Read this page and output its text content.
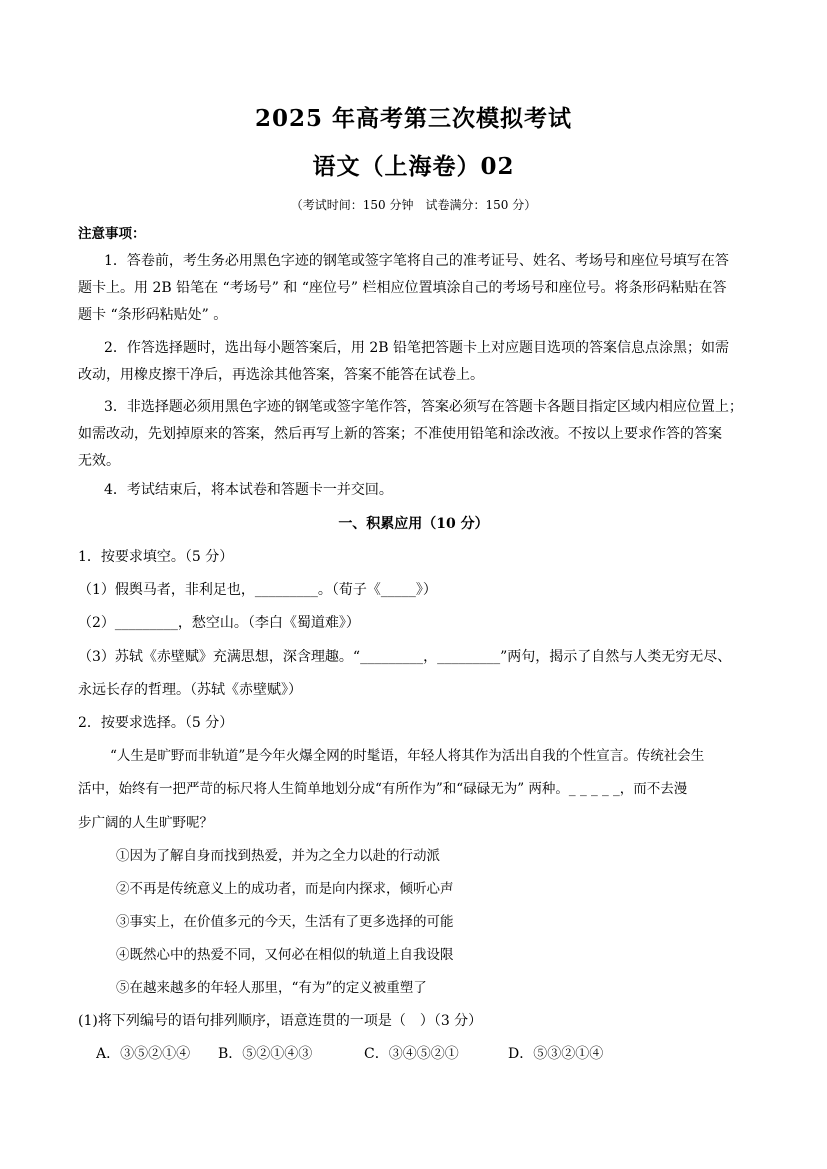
2025 年高考第三次模拟考试
语文（上海卷）02
（考试时间：150 分钟　试卷满分：150 分）
注意事项：
1．答卷前，考生务必用黑色字迹的钢笔或签字笔将自己的准考证号、姓名、考场号和座位号填写在答
题卡上。用 2B 铅笔在 “考场号” 和 “座位号” 栏相应位置填涂自己的考场号和座位号。将条形码粘贴在答
题卡 “条形码粘贴处” 。
2．作答选择题时，选出每小题答案后，用 2B 铅笔把答题卡上对应题目选项的答案信息点涂黑；如需
改动，用橡皮擦干净后，再选涂其他答案，答案不能答在试卷上。
3．非选择题必须用黑色字迹的钢笔或签字笔作答，答案必须写在答题卡各题目指定区域内相应位置上；
如需改动，先划掉原来的答案，然后再写上新的答案；不准使用铅笔和涂改液。不按以上要求作答的答案
无效。
4．考试结束后，将本试卷和答题卡一并交回。
一、积累应用（10 分）
1．按要求填空。（5 分）
（1）假舆马者，非利足也，_________。（荀子《_____》）
（2）_________，愁空山。（李白《蜀道难》）
（3）苏轼《赤壁赋》充满思想，深含理趣。“_________，_________”两句，揭示了自然与人类无穷无尽、
永远长存的哲理。（苏轼《赤壁赋》）
2．按要求选择。（5 分）
“人生是旷野而非轨道”是今年火爆全网的时髦语，年轻人将其作为活出自我的个性宣言。传统社会生
活中，始终有一把严苛的标尺将人生简单地划分成“有所作为”和“碌碌无为” 两种。_ _ _ _ _，而不去漫
步广阔的人生旷野呢？
①因为了解自身而找到热爱，并为之全力以赴的行动派
②不再是传统意义上的成功者，而是向内探求，倾听心声
③事实上，在价值多元的今天，生活有了更多选择的可能
④既然心中的热爱不同，又何必在相似的轨道上自我设限
⑤在越来越多的年轻人那里，“有为”的定义被重塑了
(1)将下列编号的语句排列顺序，语意连贯的一项是（　）（3 分）
A．③⑤②①④ B．⑤②①④③	C．③④⑤②①	D．⑤③②①④
